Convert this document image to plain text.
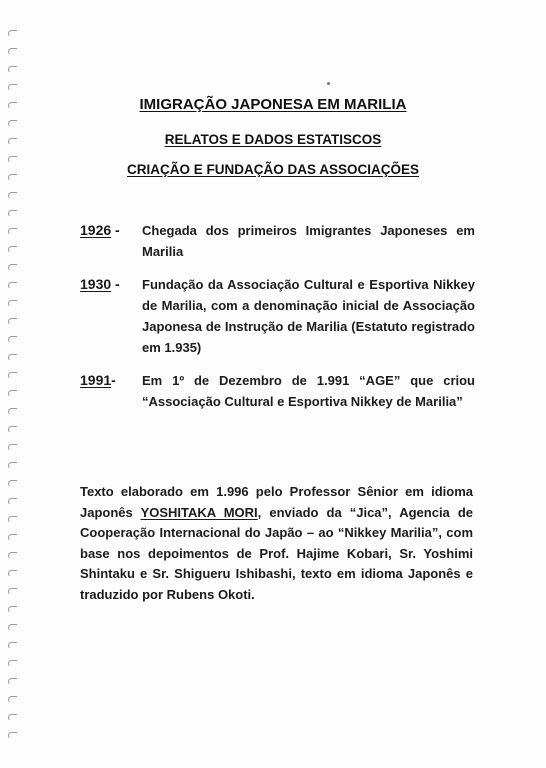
IMIGRAÇÃO JAPONESA EM MARILIA
RELATOS E DADOS ESTATISCOS
CRIAÇÃO E FUNDAÇÃO DAS ASSOCIAÇÕES
1926 -	Chegada dos primeiros Imigrantes Japoneses em Marilia
1930 -	Fundação da Associação Cultural e Esportiva Nikkey de Marilia, com a denominação inicial de Associação Japonesa de Instrução de Marilia (Estatuto registrado em 1.935)
1991-	Em 1º de Dezembro de 1.991 “AGE” que criou “Associação Cultural e Esportiva Nikkey de Marilia”
Texto elaborado em 1.996 pelo Professor Sênior em idioma Japonês YOSHITAKA MORI, enviado da “Jica”, Agencia de Cooperação Internacional do Japão – ao “Nikkey Marilia”, com base nos depoimentos de Prof. Hajime Kobari, Sr. Yoshimi Shintaku e Sr. Shigueru Ishibashi, texto em idioma Japonês e traduzido por Rubens Okoti.
